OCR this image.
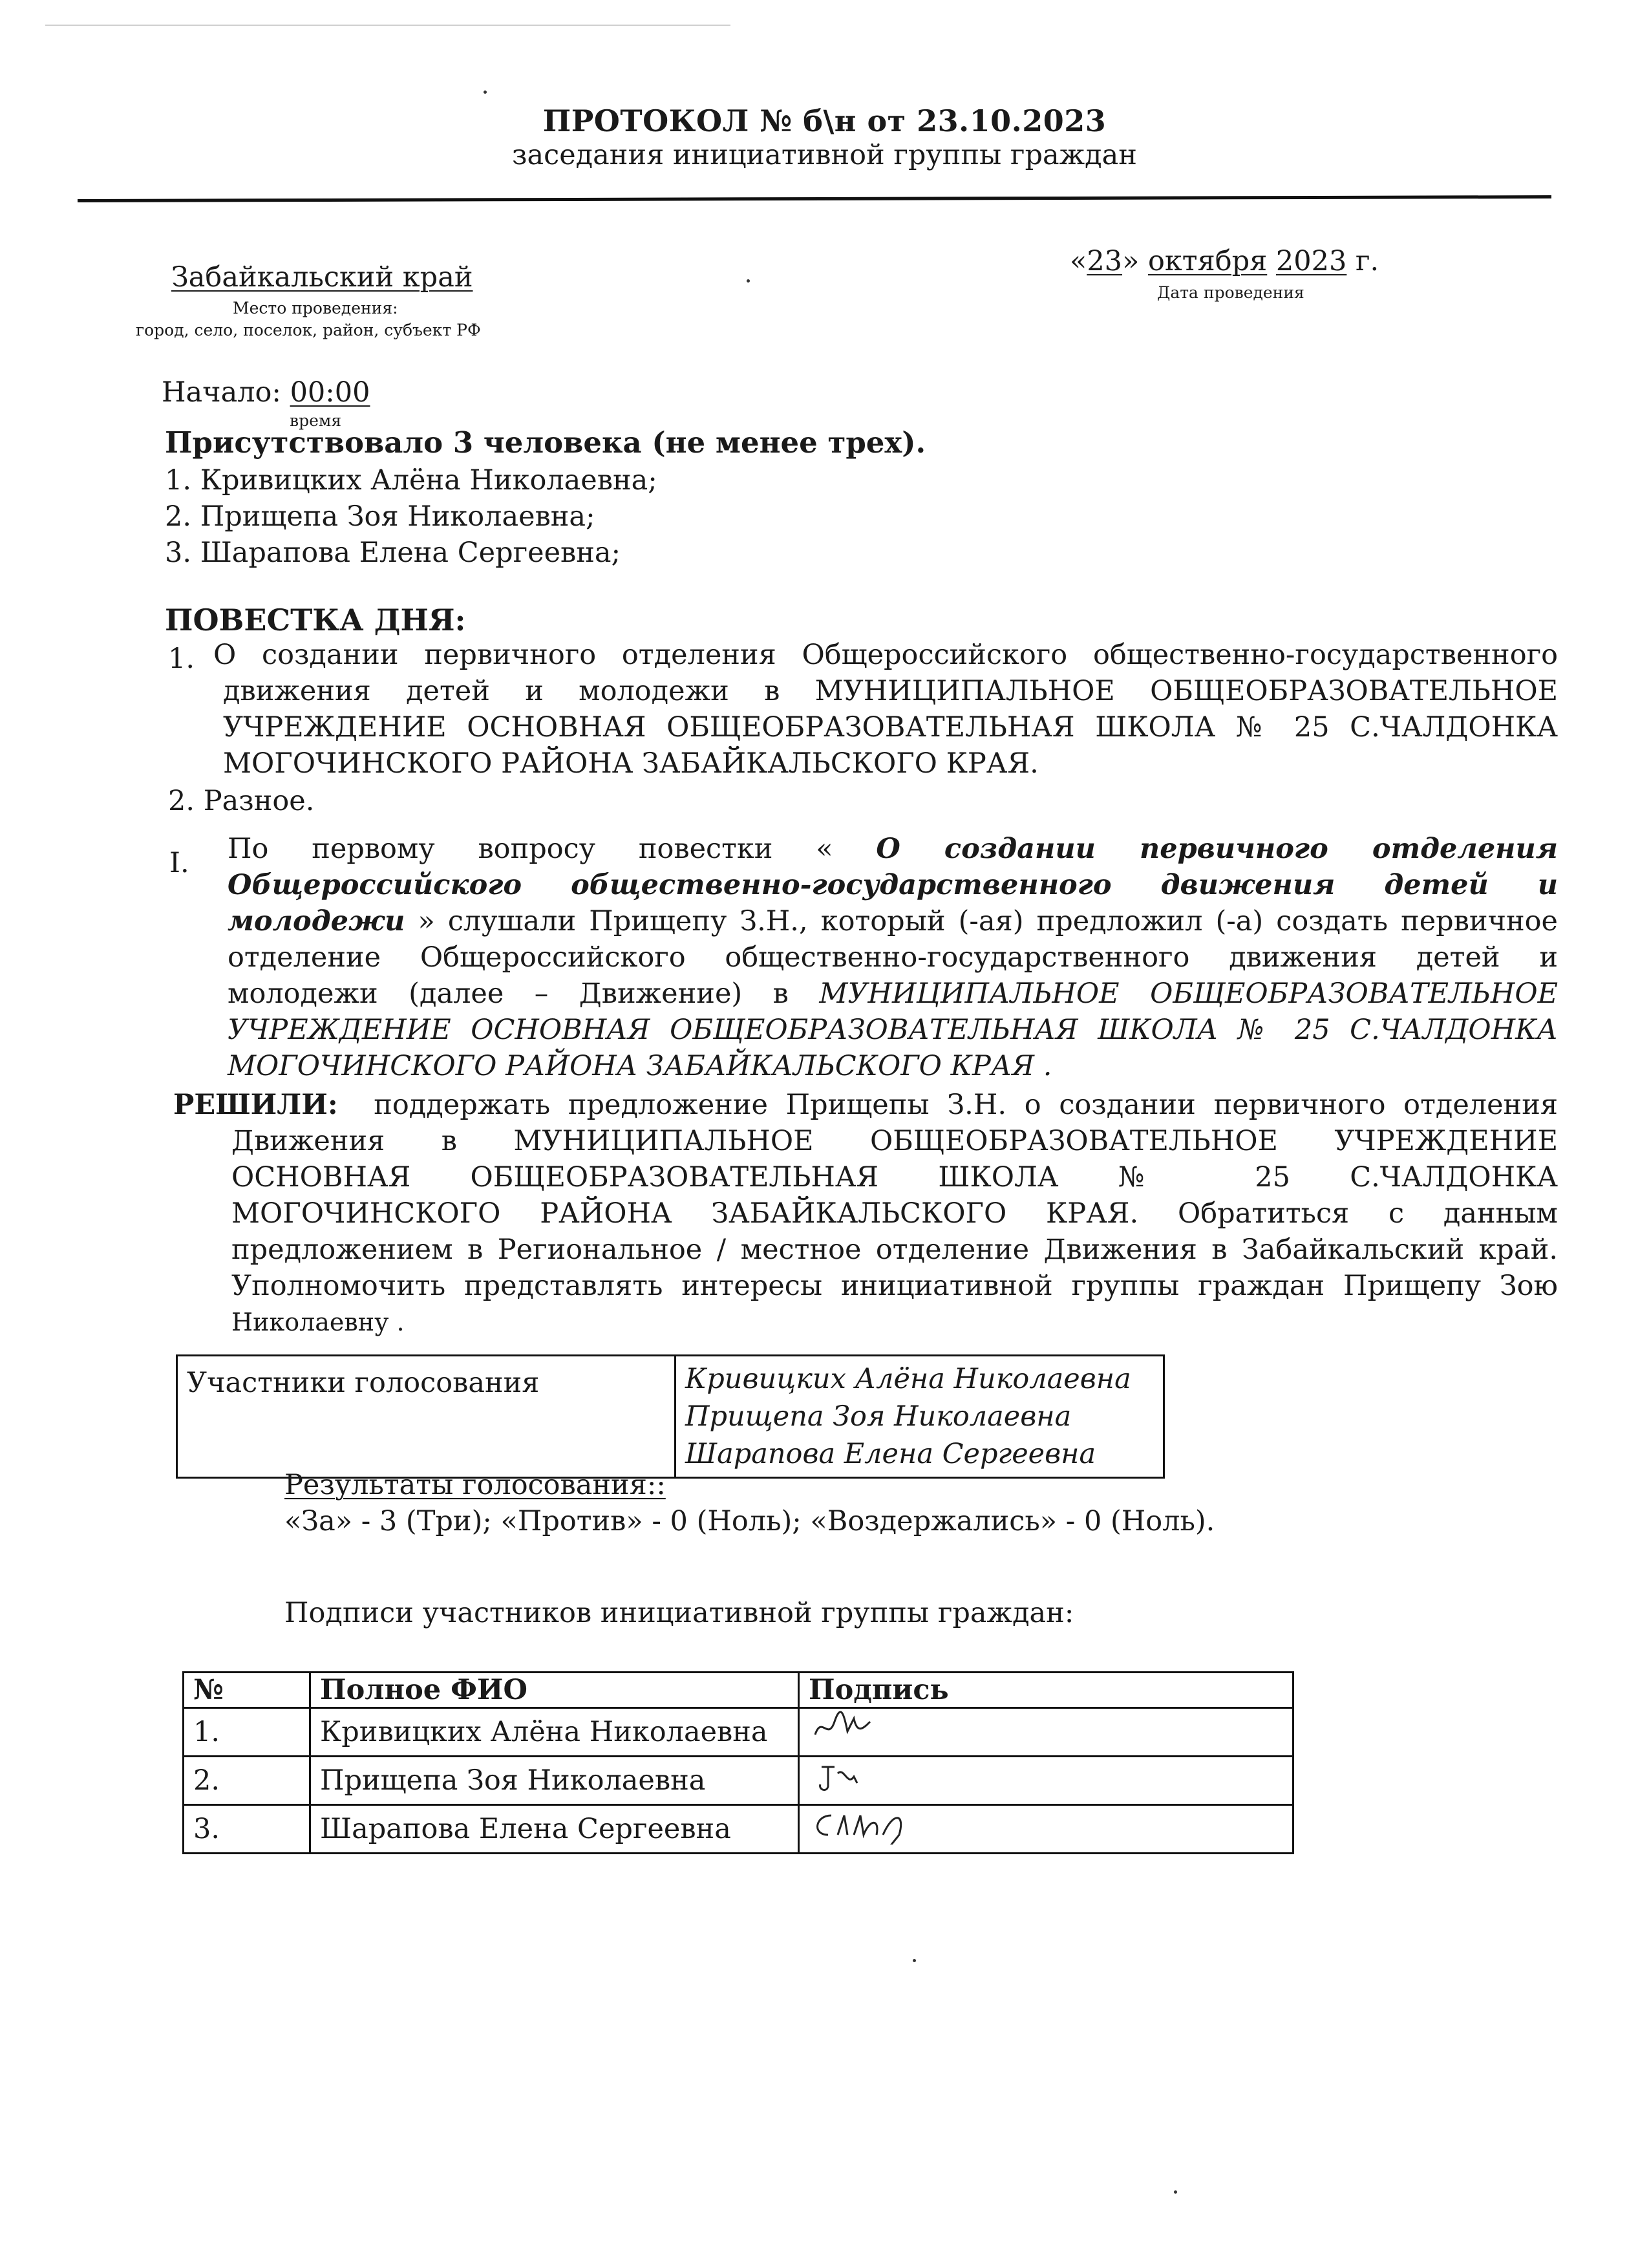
ПРОТОКОЛ № б\н от 23.10.2023
заседания инициативной группы граждан
Забайкальский край
Место проведения:
город, село, поселок, район, субъект РФ
«23» октября 2023 г.
Дата проведения
Начало: 00:00
время
Присутствовало 3 человека (не менее трех).
1. Кривицких Алёна Николаевна;
2. Прищепа Зоя Николаевна;
3. Шарапова Елена Сергеевна;
ПОВЕСТКА ДНЯ:
1. О создании первичного отделения Общероссийского общественно-государственного
движения детей и молодежи в МУНИЦИПАЛЬНОЕ ОБЩЕОБРАЗОВАТЕЛЬНОЕ
УЧРЕЖДЕНИЕ ОСНОВНАЯ ОБЩЕОБРАЗОВАТЕЛЬНАЯ ШКОЛА № 25 С.ЧАЛДОНКА
МОГОЧИНСКОГО РАЙОНА ЗАБАЙКАЛЬСКОГО КРАЯ.
2. Разное.
I. По первому вопросу повестки « О создании первичного отделения
Общероссийского общественно-государственного движения детей и
молодежи » слушали Прищепу З.Н., который (-ая) предложил (-а) создать первичное
отделение Общероссийского общественно-государственного движения детей и
молодежи (далее – Движение) в МУНИЦИПАЛЬНОЕ ОБЩЕОБРАЗОВАТЕЛЬНОЕ
УЧРЕЖДЕНИЕ ОСНОВНАЯ ОБЩЕОБРАЗОВАТЕЛЬНАЯ ШКОЛА № 25 С.ЧАЛДОНКА
МОГОЧИНСКОГО РАЙОНА ЗАБАЙКАЛЬСКОГО КРАЯ .
РЕШИЛИ: поддержать предложение Прищепы З.Н. о создании первичного отделения
Движения в МУНИЦИПАЛЬНОЕ ОБЩЕОБРАЗОВАТЕЛЬНОЕ УЧРЕЖДЕНИЕ
ОСНОВНАЯ ОБЩЕОБРАЗОВАТЕЛЬНАЯ ШКОЛА № 25 С.ЧАЛДОНКА
МОГОЧИНСКОГО РАЙОНА ЗАБАЙКАЛЬСКОГО КРАЯ. Обратиться с данным
предложением в Региональное / местное отделение Движения в Забайкальский край.
Уполномочить представлять интересы инициативной группы граждан Прищепу Зою
Николаевну .
Участники голосования	Кривицких Алёна Николаевна
Прищепа Зоя Николаевна
Шарапова Елена Сергеевна
Результаты голосования::
«За» - 3 (Три); «Против» - 0 (Ноль); «Воздержались» - 0 (Ноль).
Подписи участников инициативной группы граждан:
№	Полное ФИО	Подпись
1.	Кривицких Алёна Николаевна	
2.	Прищепа Зоя Николаевна	
3.	Шарапова Елена Сергеевна	
